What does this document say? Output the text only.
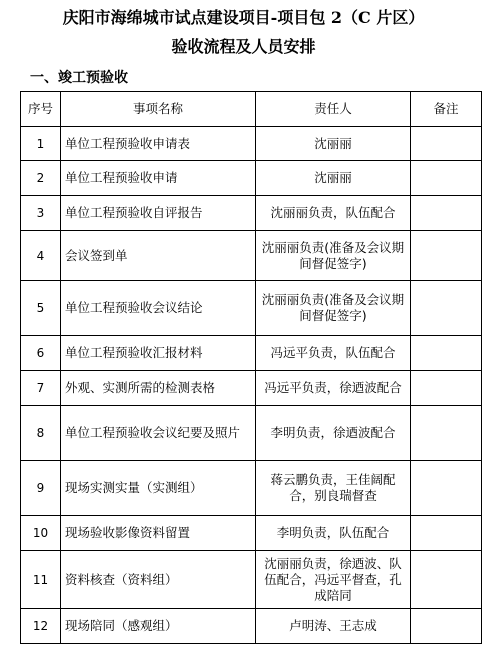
庆阳市海绵城市试点建设项目-项目包 2（C 片区）
验收流程及人员安排
一、竣工预验收
序号	事项名称	责任人	备注
1	单位工程预验收申请表	沈丽丽	
2	单位工程预验收申请	沈丽丽	
3	单位工程预验收自评报告	沈丽丽负责，队伍配合	
4	会议签到单	沈丽丽负责(准备及会议期间督促签字)	
5	单位工程预验收会议结论	沈丽丽负责(准备及会议期间督促签字)	
6	单位工程预验收汇报材料	冯远平负责，队伍配合	
7	外观、实测所需的检测表格	冯远平负责，徐迺波配合	
8	单位工程预验收会议纪要及照片	李明负责，徐迺波配合	
9	现场实测实量（实测组）	蒋云鹏负责，王佳阔配合，别良瑞督查	
10	现场验收影像资料留置	李明负责，队伍配合	
11	资料核查（资料组）	沈丽丽负责，徐迺波、队伍配合，冯远平督查，孔成陪同	
12	现场陪同（感观组）	卢明涛、王志成	
